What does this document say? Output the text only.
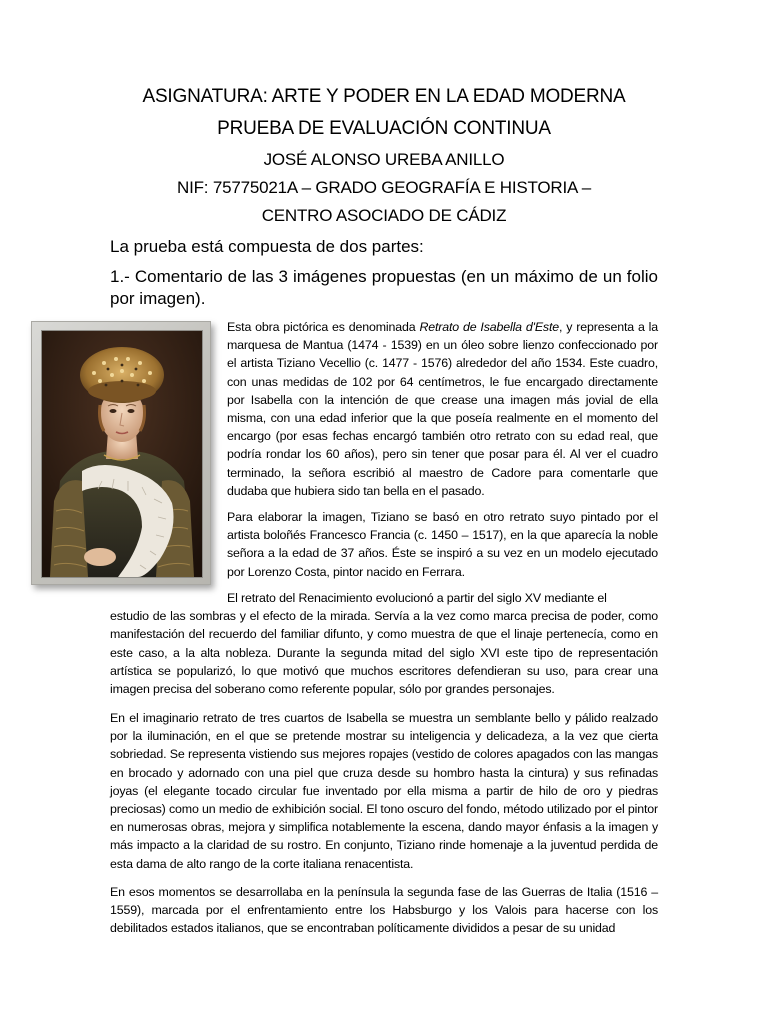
ASIGNATURA: ARTE Y PODER EN LA EDAD MODERNA
PRUEBA DE EVALUACIÓN CONTINUA
JOSÉ ALONSO UREBA ANILLO
NIF: 75775021A – GRADO GEOGRAFÍA E HISTORIA –
CENTRO ASOCIADO DE CÁDIZ
La prueba está compuesta de dos partes:
1.- Comentario de las 3 imágenes propuestas (en un máximo de un folio por imagen).

Esta obra pictórica es denominada Retrato de Isabella d'Este, y representa a la marquesa de Mantua (1474 - 1539) en un óleo sobre lienzo confeccionado por el artista Tiziano Vecellio (c. 1477 - 1576) alrededor del año 1534. Este cuadro, con unas medidas de 102 por 64 centímetros, le fue encargado directamente por Isabella con la intención de que crease una imagen más jovial de ella misma, con una edad inferior que la que poseía realmente en el momento del encargo (por esas fechas encargó también otro retrato con su edad real, que podría rondar los 60 años), pero sin tener que posar para él. Al ver el cuadro terminado, la señora escribió al maestro de Cadore para comentarle que dudaba que hubiera sido tan bella en el pasado.

Para elaborar la imagen, Tiziano se basó en otro retrato suyo pintado por el artista boloñés Francesco Francia (c. 1450 – 1517), en la que aparecía la noble señora a la edad de 37 años. Éste se inspiró a su vez en un modelo ejecutado por Lorenzo Costa, pintor nacido en Ferrara.

El retrato del Renacimiento evolucionó a partir del siglo XV mediante el
estudio de las sombras y el efecto de la mirada. Servía a la vez como marca precisa de poder, como manifestación del recuerdo del familiar difunto, y como muestra de que el linaje pertenecía, como en este caso, a la alta nobleza. Durante la segunda mitad del siglo XVI este tipo de representación artística se popularizó, lo que motivó que muchos escritores defendieran su uso, para crear una imagen precisa del soberano como referente popular, sólo por grandes personajes.

En el imaginario retrato de tres cuartos de Isabella se muestra un semblante bello y pálido realzado por la iluminación, en el que se pretende mostrar su inteligencia y delicadeza, a la vez que cierta sobriedad. Se representa vistiendo sus mejores ropajes (vestido de colores apagados con las mangas en brocado y adornado con una piel que cruza desde su hombro hasta la cintura) y sus refinadas joyas (el elegante tocado circular fue inventado por ella misma a partir de hilo de oro y piedras preciosas) como un medio de exhibición social. El tono oscuro del fondo, método utilizado por el pintor en numerosas obras, mejora y simplifica notablemente la escena, dando mayor énfasis a la imagen y más impacto a la claridad de su rostro. En conjunto, Tiziano rinde homenaje a la juventud perdida de esta dama de alto rango de la corte italiana renacentista.

En esos momentos se desarrollaba en la península la segunda fase de las Guerras de Italia (1516 – 1559), marcada por el enfrentamiento entre los Habsburgo y los Valois para hacerse con los debilitados estados italianos, que se encontraban políticamente divididos a pesar de su unidad
